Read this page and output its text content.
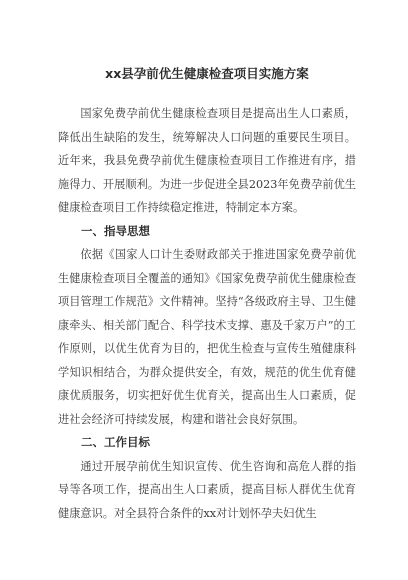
xx县孕前优生健康检查项目实施方案

国家免费孕前优生健康检查项目是提高出生人口素质，降低出生缺陷的发生，统筹解决人口问题的重要民生项目。近年来，我县免费孕前优生健康检查项目工作推进有序，措施得力、开展顺利。为进一步促进全县2023年免费孕前优生健康检查项目工作持续稳定推进，特制定本方案。

一、指导思想

依据《国家人口计生委财政部关于推进国家免费孕前优生健康检查项目全覆盖的通知》《国家免费孕前优生健康检查项目管理工作规范》文件精神。坚持“各级政府主导、卫生健康牵头、相关部门配合、科学技术支撑、惠及千家万户”的工作原则，以优生优育为目的，把优生检查与宣传生殖健康科学知识相结合，为群众提供安全，有效，规范的优生优育健康优质服务，切实把好优生优育关，提高出生人口素质，促进社会经济可持续发展，构建和谐社会良好氛围。

二、工作目标

通过开展孕前优生知识宣传、优生咨询和高危人群的指导等各项工作，提高出生人口素质，提高目标人群优生优育健康意识。对全县符合条件的xx对计划怀孕夫妇优生
